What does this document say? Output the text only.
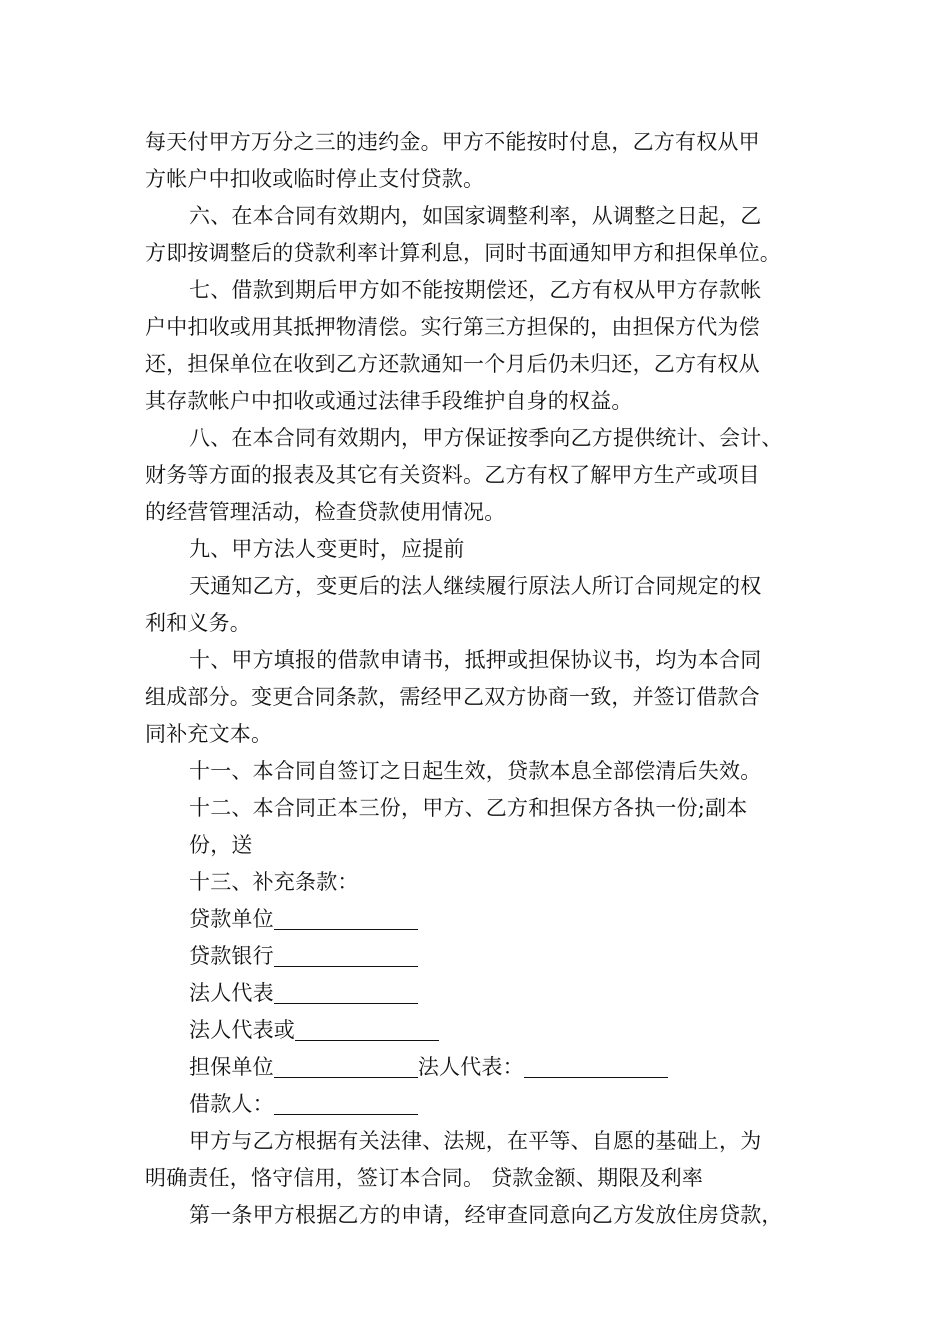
每天付甲方万分之三的违约金。甲方不能按时付息，乙方有权从甲
方帐户中扣收或临时停止支付贷款。
六、在本合同有效期内，如国家调整利率，从调整之日起，乙
方即按调整后的贷款利率计算利息，同时书面通知甲方和担保单位。
七、借款到期后甲方如不能按期偿还，乙方有权从甲方存款帐
户中扣收或用其抵押物清偿。实行第三方担保的，由担保方代为偿
还，担保单位在收到乙方还款通知一个月后仍未归还，乙方有权从
其存款帐户中扣收或通过法律手段维护自身的权益。
八、在本合同有效期内，甲方保证按季向乙方提供统计、会计、
财务等方面的报表及其它有关资料。乙方有权了解甲方生产或项目
的经营管理活动，检查贷款使用情况。
九、甲方法人变更时，应提前
天通知乙方，变更后的法人继续履行原法人所订合同规定的权
利和义务。
十、甲方填报的借款申请书，抵押或担保协议书，均为本合同
组成部分。变更合同条款，需经甲乙双方协商一致，并签订借款合
同补充文本。
十一、本合同自签订之日起生效，贷款本息全部偿清后失效。
十二、本合同正本三份，甲方、乙方和担保方各执一份;副本
份，送
十三、补充条款：
贷款单位
贷款银行
法人代表
法人代表或
担保单位	法人代表：
借款人：
甲方与乙方根据有关法律、法规，在平等、自愿的基础上，为
明确责任，恪守信用，签订本合同。 贷款金额、期限及利率
第一条甲方根据乙方的申请，经审查同意向乙方发放住房贷款，
